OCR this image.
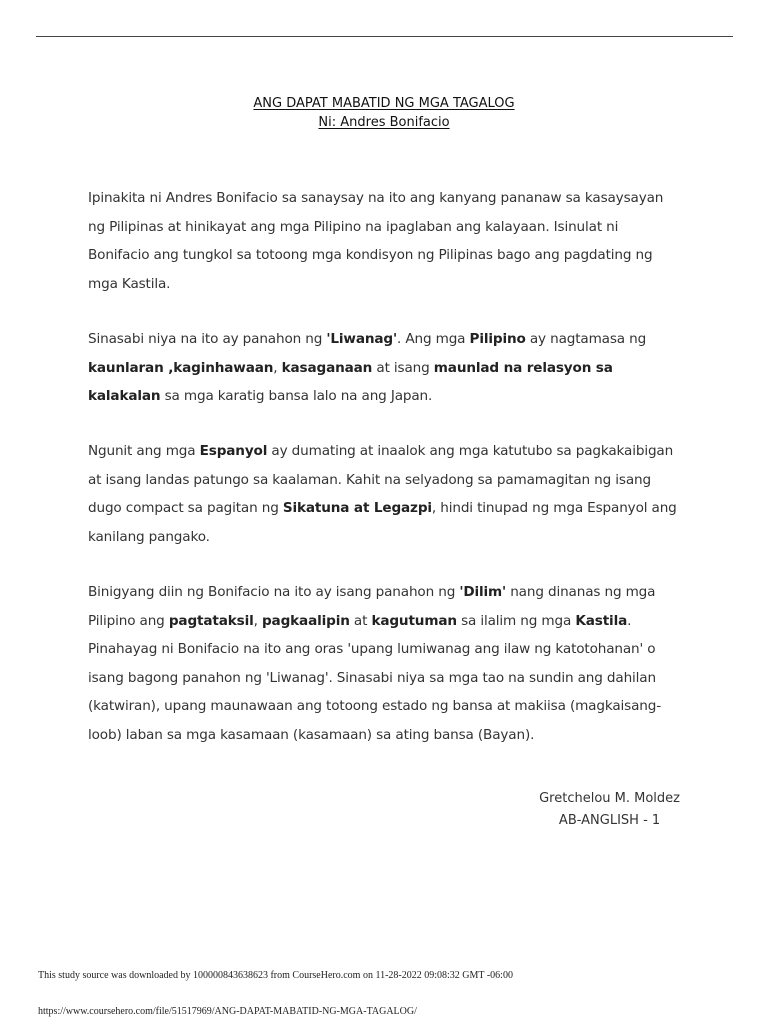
ANG DAPAT MABATID NG MGA TAGALOG
Ni: Andres Bonifacio
Ipinakita ni Andres Bonifacio sa sanaysay na ito ang kanyang pananaw sa kasaysayan
ng Pilipinas at hinikayat ang mga Pilipino na ipaglaban ang kalayaan. Isinulat ni
Bonifacio ang tungkol sa totoong mga kondisyon ng Pilipinas bago ang pagdating ng
mga Kastila.
Sinasabi niya na ito ay panahon ng 'Liwanag'. Ang mga Pilipino ay nagtamasa ng
kaunlaran ,kaginhawaan, kasaganaan at isang maunlad na relasyon sa
kalakalan sa mga karatig bansa lalo na ang Japan.
Ngunit ang mga Espanyol ay dumating at inaalok ang mga katutubo sa pagkakaibigan
at isang landas patungo sa kaalaman. Kahit na selyadong sa pamamagitan ng isang
dugo compact sa pagitan ng Sikatuna at Legazpi, hindi tinupad ng mga Espanyol ang
kanilang pangako.
Binigyang diin ng Bonifacio na ito ay isang panahon ng 'Dilim' nang dinanas ng mga
Pilipino ang pagtataksil, pagkaalipin at kagutuman sa ilalim ng mga Kastila.
Pinahayag ni Bonifacio na ito ang oras 'upang lumiwanag ang ilaw ng katotohanan' o
isang bagong panahon ng 'Liwanag'. Sinasabi niya sa mga tao na sundin ang dahilan
(katwiran), upang maunawaan ang totoong estado ng bansa at makiisa (magkaisang-
loob) laban sa mga kasamaan (kasamaan) sa ating bansa (Bayan).
Gretchelou M. Moldez
AB-ANGLISH - 1
This study source was downloaded by 100000843638623 from CourseHero.com on 11-28-2022 09:08:32 GMT -06:00
https://www.coursehero.com/file/51517969/ANG-DAPAT-MABATID-NG-MGA-TAGALOG/
